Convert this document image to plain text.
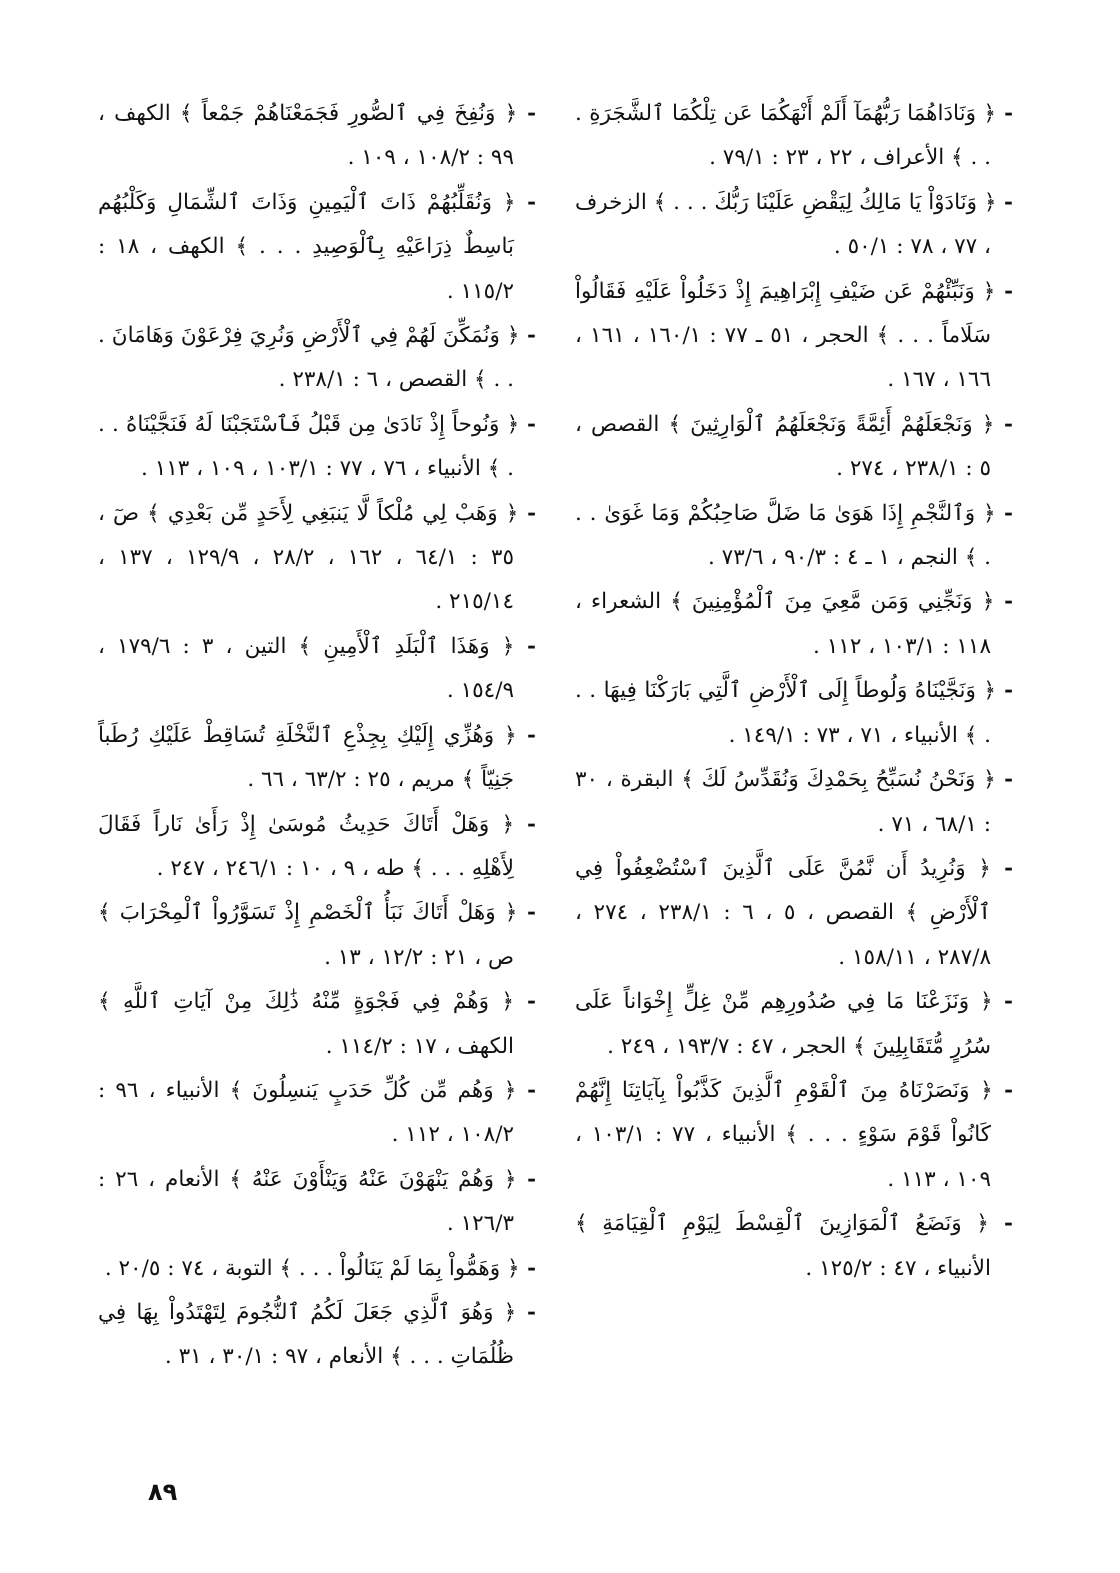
- ﴿ وَنَادَاهُمَا رَبُّهُمَآ أَلَمْ أَنْهَكُمَا عَن تِلْكُمَا ٱلشَّجَرَةِ . . . ﴾ الأعراف ، ٢٢ ، ٢٣ : ٧٩/١ .

- ﴿ وَنَادَوْاْ يَا مَالِكُ لِيَقْضِ عَلَيْنَا رَبُّكَ . . . ﴾ الزخرف ، ٧٧ ، ٧٨ : ٥٠/١ .

- ﴿ وَنَبِّئْهُمْ عَن ضَيْفِ إِبْرَاهِيمَ إِذْ دَخَلُواْ عَلَيْهِ فَقَالُواْ سَلَاماً . . . ﴾ الحجر ، ٥١ ـ ٧٧ : ١٦٠/١ ، ١٦١ ، ١٦٦ ، ١٦٧ .

- ﴿ وَنَجْعَلَهُمْ أَئِمَّةً وَنَجْعَلَهُمُ ٱلْوَارِثِينَ ﴾ القصص ، ٥ : ٢٣٨/١ ، ٢٧٤ .

- ﴿ وَٱلنَّجْمِ إِذَا هَوَىٰ مَا ضَلَّ صَاحِبُكُمْ وَمَا غَوَىٰ . . . ﴾ النجم ، ١ ـ ٤ : ٩٠/٣ ، ٧٣/٦ .

- ﴿ وَنَجِّنِي وَمَن مَّعِيَ مِنَ ٱلْمُؤْمِنِينَ ﴾ الشعراء ، ١١٨ : ١٠٣/١ ، ١١٢ .

- ﴿ وَنَجَّيْنَاهُ وَلُوطاً إِلَى ٱلْأَرْضِ ٱلَّتِي بَارَكْنَا فِيهَا . . . ﴾ الأنبياء ، ٧١ ، ٧٣ : ١٤٩/١ .

- ﴿ وَنَحْنُ نُسَبِّحُ بِحَمْدِكَ وَنُقَدِّسُ لَكَ ﴾ البقرة ، ٣٠ : ٦٨/١ ، ٧١ .

- ﴿ وَنُرِيدُ أَن نَّمُنَّ عَلَى ٱلَّذِينَ ٱسْتُضْعِفُواْ فِي ٱلْأَرْضِ ﴾ القصص ، ٥ ، ٦ : ٢٣٨/١ ، ٢٧٤ ، ٢٨٧/٨ ، ١٥٨/١١ .

- ﴿ وَنَزَعْنَا مَا فِي صُدُورِهِم مِّنْ غِلٍّ إِخْوَاناً عَلَى سُرُرٍ مُّتَقَابِلِينَ ﴾ الحجر ، ٤٧ : ١٩٣/٧ ، ٢٤٩ .

- ﴿ وَنَصَرْنَاهُ مِنَ ٱلْقَوْمِ ٱلَّذِينَ كَذَّبُواْ بِآيَاتِنَا إِنَّهُمْ كَانُواْ قَوْمَ سَوْءٍ . . . ﴾ الأنبياء ، ٧٧ : ١٠٣/١ ، ١٠٩ ، ١١٣ .

- ﴿ وَنَضَعُ ٱلْمَوَازِينَ ٱلْقِسْطَ لِيَوْمِ ٱلْقِيَامَةِ ﴾ الأنبياء ، ٤٧ : ١٢٥/٢ .

- ﴿ وَنُفِخَ فِي ٱلصُّورِ فَجَمَعْنَاهُمْ جَمْعاً ﴾ الكهف ، ٩٩ : ١٠٨/٢ ، ١٠٩ .

- ﴿ وَنُقَلِّبُهُمْ ذَاتَ ٱلْيَمِينِ وَذَاتَ ٱلشِّمَالِ وَكَلْبُهُم بَاسِطٌ ذِرَاعَيْهِ بِٱلْوَصِيدِ . . . ﴾ الكهف ، ١٨ : ١١٥/٢ .

- ﴿ وَنُمَكِّنَ لَهُمْ فِي ٱلْأَرْضِ وَنُرِيَ فِرْعَوْنَ وَهَامَانَ . . . ﴾ القصص ، ٦ : ٢٣٨/١ .

- ﴿ وَنُوحاً إِذْ نَادَىٰ مِن قَبْلُ فَٱسْتَجَبْنَا لَهُ فَنَجَّيْنَاهُ . . . ﴾ الأنبياء ، ٧٦ ، ٧٧ : ١٠٣/١ ، ١٠٩ ، ١١٣ .

- ﴿ وَهَبْ لِي مُلْكاً لَّا يَنبَغِي لِأَحَدٍ مِّن بَعْدِي ﴾ صٓ ، ٣٥ : ٦٤/١ ، ١٦٢ ، ٢٨/٢ ، ١٢٩/٩ ، ١٣٧ ، ٢١٥/١٤ .

- ﴿ وَهَذَا ٱلْبَلَدِ ٱلْأَمِينِ ﴾ التين ، ٣ : ١٧٩/٦ ، ١٥٤/٩ .

- ﴿ وَهُزِّي إِلَيْكِ بِجِذْعِ ٱلنَّخْلَةِ تُسَاقِطْ عَلَيْكِ رُطَباً جَنِيّاً ﴾ مريم ، ٢٥ : ٦٣/٢ ، ٦٦ .

- ﴿ وَهَلْ أَتَاكَ حَدِيثُ مُوسَىٰ إِذْ رَأَىٰ نَاراً فَقَالَ لِأَهْلِهِ . . . ﴾ طه ، ٩ ، ١٠ : ٢٤٦/١ ، ٢٤٧ .

- ﴿ وَهَلْ أَتَاكَ نَبَأُ ٱلْخَصْمِ إِذْ تَسَوَّرُواْ ٱلْمِحْرَابَ ﴾ ص ، ٢١ : ١٢/٢ ، ١٣ .

- ﴿ وَهُمْ فِي فَجْوَةٍ مِّنْهُ ذَٰلِكَ مِنْ آيَاتِ ٱللَّهِ ﴾ الكهف ، ١٧ : ١١٤/٢ .

- ﴿ وَهُم مِّن كُلِّ حَدَبٍ يَنسِلُونَ ﴾ الأنبياء ، ٩٦ : ١٠٨/٢ ، ١١٢ .

- ﴿ وَهُمْ يَنْهَوْنَ عَنْهُ وَيَنْأَوْنَ عَنْهُ ﴾ الأنعام ، ٢٦ : ١٢٦/٣ .

- ﴿ وَهَمُّواْ بِمَا لَمْ يَنَالُواْ . . . ﴾ التوبة ، ٧٤ : ٢٠/٥ .

- ﴿ وَهُوَ ٱلَّذِي جَعَلَ لَكُمُ ٱلنُّجُومَ لِتَهْتَدُواْ بِهَا فِي ظُلُمَاتِ . . . ﴾ الأنعام ، ٩٧ : ٣٠/١ ، ٣١ .

٨٩
